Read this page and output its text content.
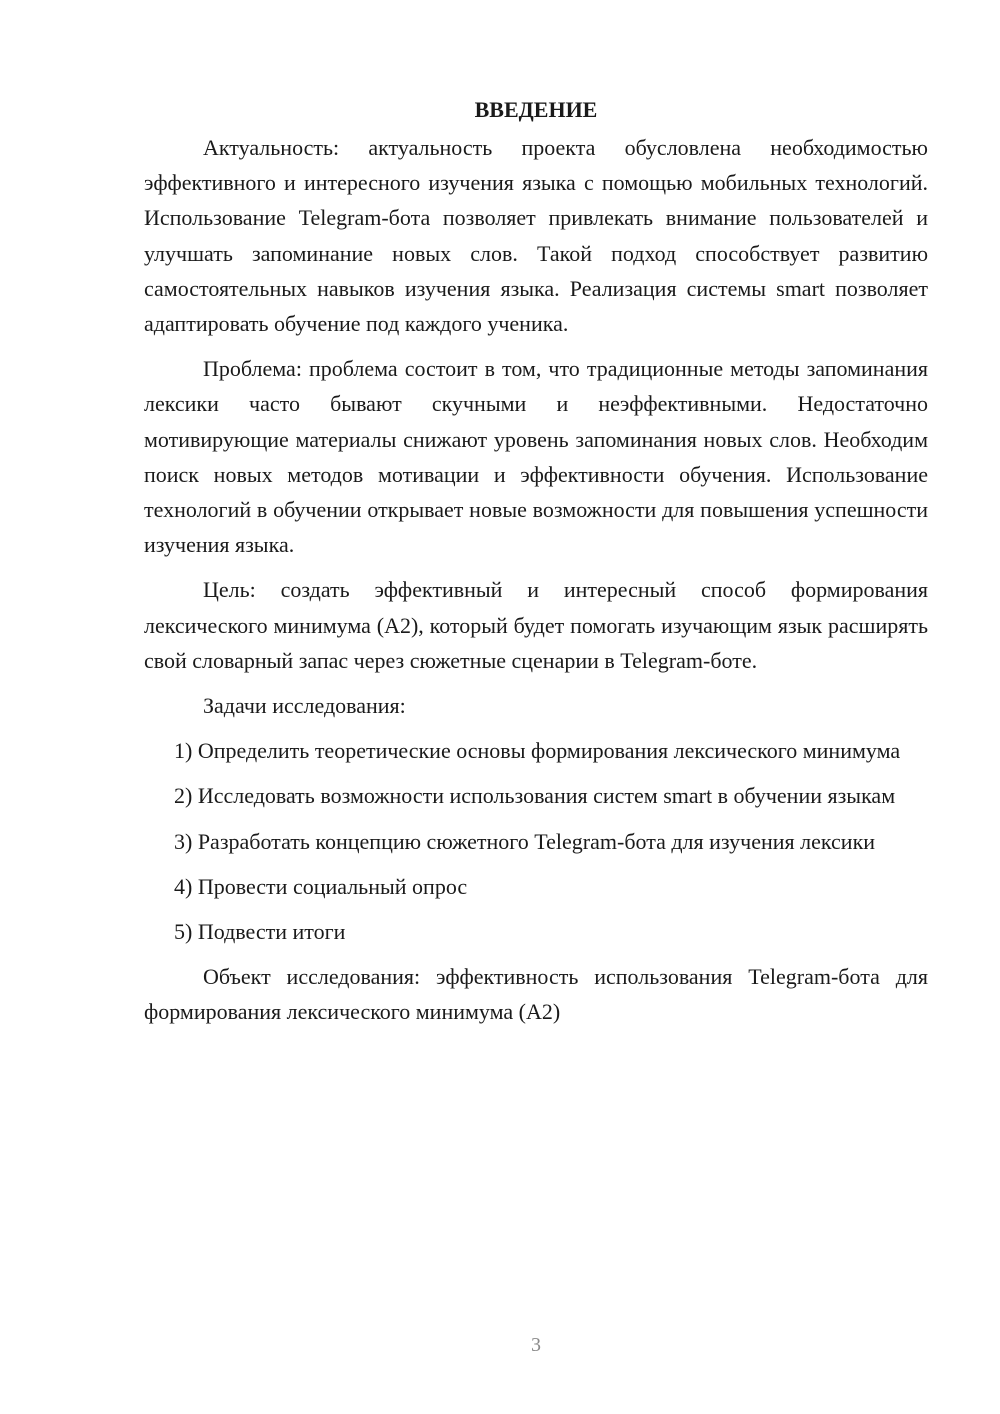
ВВЕДЕНИЕ

Актуальность: актуальность проекта обусловлена необходимостью эффективного и интересного изучения языка с помощью мобильных технологий. Использование Telegram-бота позволяет привлекать внимание пользователей и улучшать запоминание новых слов. Такой подход способствует развитию самостоятельных навыков изучения языка. Реализация системы smart позволяет адаптировать обучение под каждого ученика.

Проблема: проблема состоит в том, что традиционные методы запоминания лексики часто бывают скучными и неэффективными. Недостаточно мотивирующие материалы снижают уровень запоминания новых слов. Необходим поиск новых методов мотивации и эффективности обучения. Использование технологий в обучении открывает новые возможности для повышения успешности изучения языка.

Цель: создать эффективный и интересный способ формирования лексического минимума (А2), который будет помогать изучающим язык расширять свой словарный запас через сюжетные сценарии в Telegram-боте.

Задачи исследования:

1) Определить теоретические основы формирования лексического минимума

2) Исследовать возможности использования систем smart в обучении языкам

3) Разработать концепцию сюжетного Telegram-бота для изучения лексики

4) Провести социальный опрос

5) Подвести итоги

Объект исследования: эффективность использования Telegram-бота для формирования лексического минимума (А2)

3
